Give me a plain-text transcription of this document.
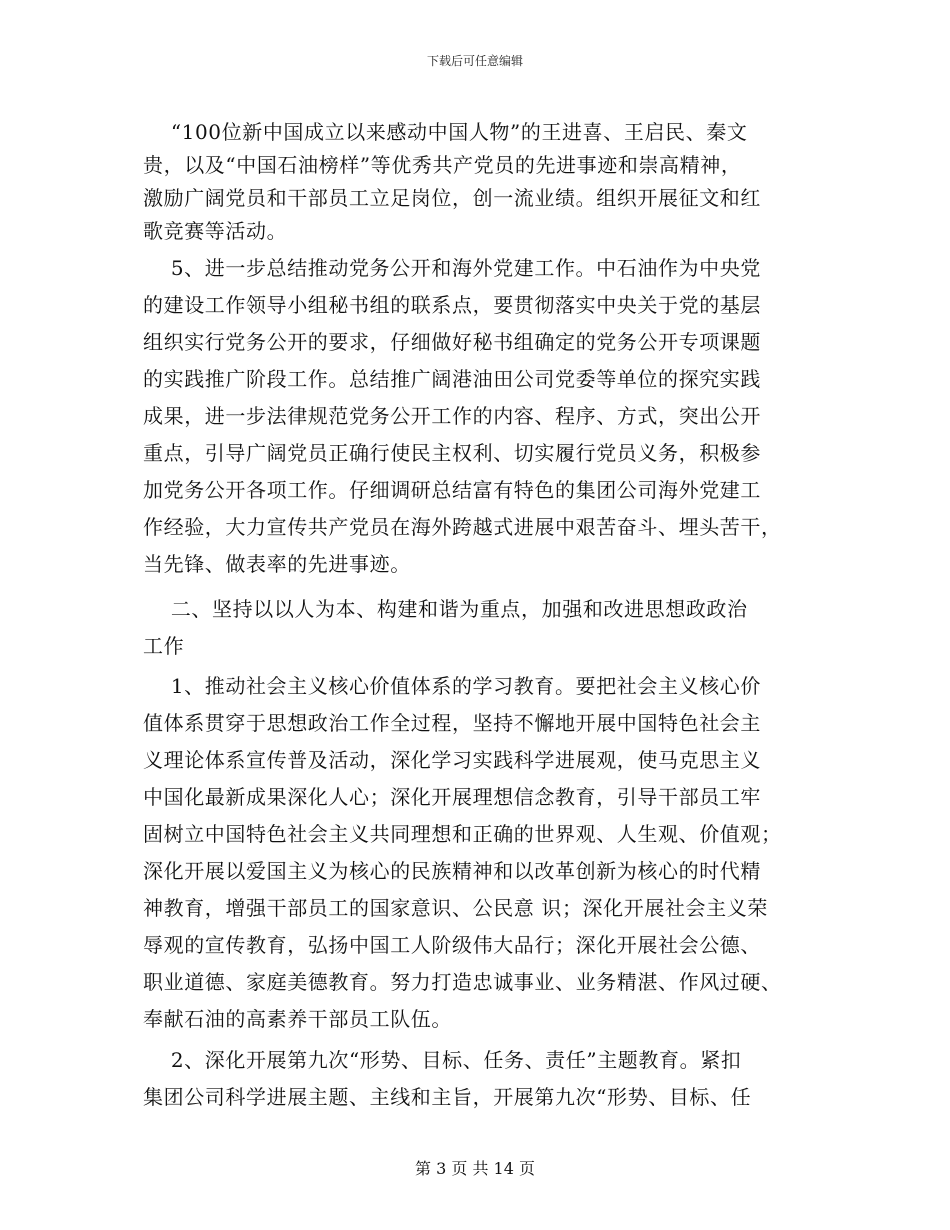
下载后可任意编辑
“100位新中国成立以来感动中国人物”的王进喜、王启民、秦文
贵，以及“中国石油榜样”等优秀共产党员的先进事迹和崇高精神，
激励广阔党员和干部员工立足岗位，创一流业绩。组织开展征文和红
歌竞赛等活动。
5、进一步总结推动党务公开和海外党建工作。中石油作为中央党
的建设工作领导小组秘书组的联系点，要贯彻落实中央关于党的基层
组织实行党务公开的要求，仔细做好秘书组确定的党务公开专项课题
的实践推广阶段工作。总结推广阔港油田公司党委等单位的探究实践
成果，进一步法律规范党务公开工作的内容、程序、方式，突出公开
重点，引导广阔党员正确行使民主权利、切实履行党员义务，积极参
加党务公开各项工作。仔细调研总结富有特色的集团公司海外党建工
作经验，大力宣传共产党员在海外跨越式进展中艰苦奋斗、埋头苦干，
当先锋、做表率的先进事迹。
二、坚持以以人为本、构建和谐为重点，加强和改进思想政政治
工作
1、推动社会主义核心价值体系的学习教育。要把社会主义核心价
值体系贯穿于思想政治工作全过程，坚持不懈地开展中国特色社会主
义理论体系宣传普及活动，深化学习实践科学进展观，使马克思主义
中国化最新成果深化人心；深化开展理想信念教育，引导干部员工牢
固树立中国特色社会主义共同理想和正确的世界观、人生观、价值观；
深化开展以爱国主义为核心的民族精神和以改革创新为核心的时代精
神教育，增强干部员工的国家意识、公民意 识；深化开展社会主义荣
辱观的宣传教育，弘扬中国工人阶级伟大品行；深化开展社会公德、
职业道德、家庭美德教育。努力打造忠诚事业、业务精湛、作风过硬、
奉献石油的高素养干部员工队伍。
2、深化开展第九次“形势、目标、任务、责任”主题教育。紧扣
集团公司科学进展主题、主线和主旨，开展第九次“形势、目标、任
第 3 页 共 14 页
